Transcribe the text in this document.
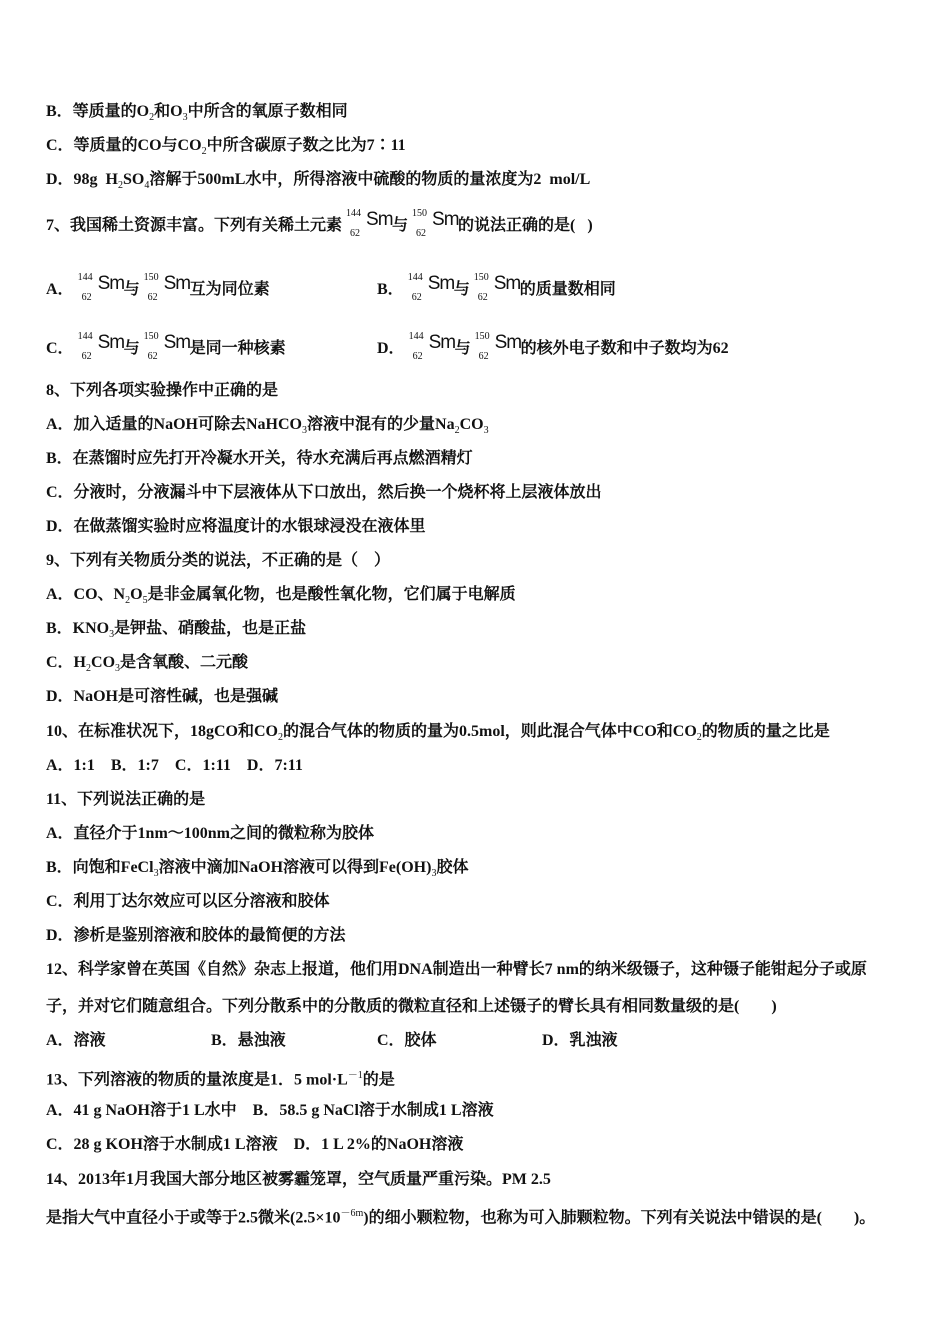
B．等质量的$O_2$和$O_3$中所含的氧原子数相同
C．等质量的CO与$CO_2$中所含碳原子数之比为7∶11
D．98g  $H_2SO_4$溶解于500mL水中，所得溶液中硫酸的物质的量浓度为2  mol/L
7、我国稀土资源丰富。下列有关稀土元素
144
62
Sm 与
150
62
Sm 的说法正确的是(   )
A．
144
62
Sm 与
150
62
Sm 互为同位素	B．
144
62
Sm 与
150
62
Sm 的质量数相同
C．
144
62
Sm 与
150
62
Sm 是同一种核素	D．
144
62
Sm 与
150
62
Sm 的核外电子数和中子数均为62
8、下列各项实验操作中正确的是
A．加入适量的NaOH可除去NaHCO$_3$溶液中混有的少量$Na_2CO_3$
B．在蒸馏时应先打开冷凝水开关，待水充满后再点燃酒精灯
C．分液时，分液漏斗中下层液体从下口放出，然后换一个烧杯将上层液体放出
D．在做蒸馏实验时应将温度计的水银球浸没在液体里
9、下列有关物质分类的说法，不正确的是（    ）
A．CO、$N_2O_5$是非金属氧化物，也是酸性氧化物，它们属于电解质
B．$KNO_3$是钾盐、硝酸盐，也是正盐
C．$H_2CO_3$是含氧酸、二元酸
D．NaOH是可溶性碱，也是强碱
10、在标准状况下，18gCO和$CO_2$的混合气体的物质的量为0.5mol，则此混合气体中CO和$CO_2$的物质的量之比是
A．1:1    B．1:7    C．1:11    D．7:11
11、下列说法正确的是
A．直径介于1nm～100nm之间的微粒称为胶体
B．向饱和FeCl$_3$溶液中滴加NaOH溶液可以得到$Fe(OH)_3$胶体
C．利用丁达尔效应可以区分溶液和胶体
D．渗析是鉴别溶液和胶体的最简便的方法
12、科学家曾在英国《自然》杂志上报道，他们用DNA制造出一种臂长7 nm的纳米级镊子，这种镊子能钳起分子或原
子，并对它们随意组合。下列分散系中的分散质的微粒直径和上述镊子的臂长具有相同数量级的是(        )
A．溶液	B．悬浊液	C．胶体	D．乳浊液
13、下列溶液的物质的量浓度是1．5 $mol\cdot L^{-1}$的是
A．41 g NaOH溶于1 L水中    B．58.5 g NaCl溶于水制成1 L溶液
C．28 g KOH溶于水制成1 L溶液    D．1 L 2%的NaOH溶液
14、2013年1月我国大部分地区被雾霾笼罩，空气质量严重污染。PM 2.5
是指大气中直径小于或等于2.5微米$(2.5\times 10^{-6m})$的细小颗粒物，也称为可入肺颗粒物。下列有关说法中错误的是(        )。
